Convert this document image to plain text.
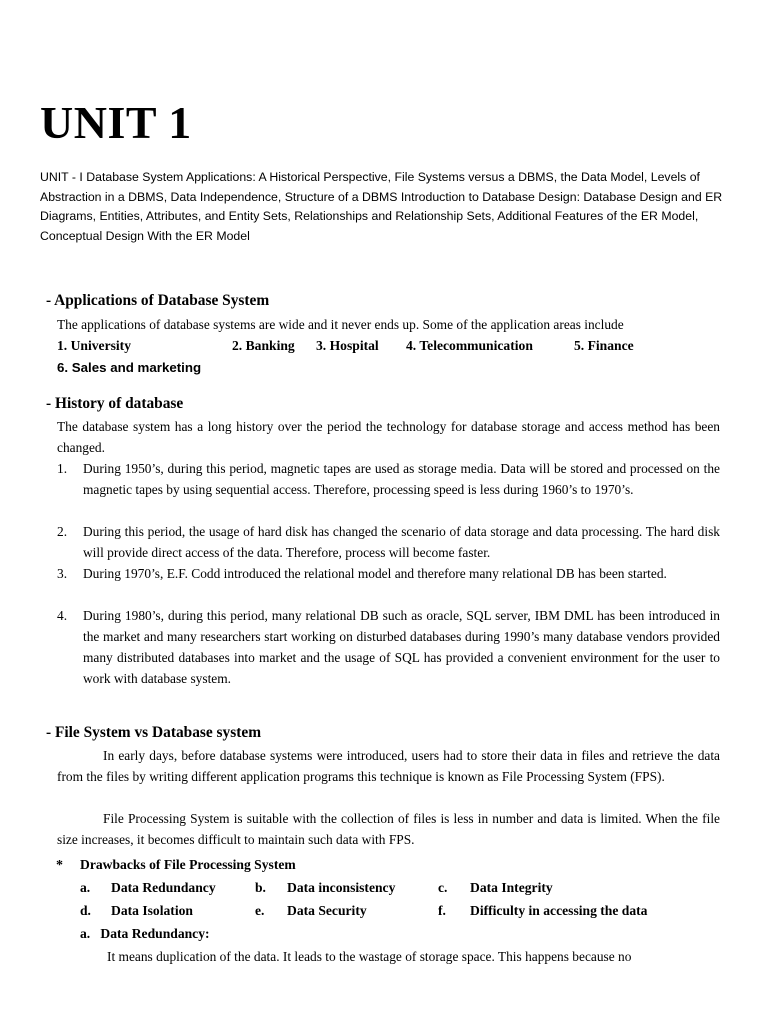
UNIT 1
UNIT - I Database System Applications: A Historical Perspective, File Systems versus a DBMS, the Data Model, Levels of Abstraction in a DBMS, Data Independence, Structure of a DBMS Introduction to Database Design: Database Design and ER Diagrams, Entities, Attributes, and Entity Sets, Relationships and Relationship Sets, Additional Features of the ER Model, Conceptual Design With the ER Model
- Applications of Database System
The applications of database systems are wide and it never ends up. Some of the application areas include
1. University	2. Banking 3. Hospital 4. Telecommunication	5. Finance
6. Sales and marketing
- History of database
The database system has a long history over the period the technology for database storage and access method has been changed.
1. During 1950’s, during this period, magnetic tapes are used as storage media. Data will be stored and processed on the magnetic tapes by using sequential access. Therefore, processing speed is less during 1960’s to 1970’s.
2. During this period, the usage of hard disk has changed the scenario of data storage and data processing. The hard disk will provide direct access of the data. Therefore, process will become faster.
3. During 1970’s, E.F. Codd introduced the relational model and therefore many relational DB has been started.
4. During 1980’s, during this period, many relational DB such as oracle, SQL server, IBM DML has been introduced in the market and many researchers start working on disturbed databases during 1990’s many database vendors provided many distributed databases into market and the usage of SQL has provided a convenient environment for the user to work with database system.
- File System vs Database system
In early days, before database systems were introduced, users had to store their data in files and retrieve the data from the files by writing different application programs this technique is known as File Processing System (FPS).
File Processing System is suitable with the collection of files is less in number and data is limited. When the file size increases, it becomes difficult to maintain such data with FPS.
* Drawbacks of File Processing System
a. Data Redundancy	b. Data inconsistency	c. Data Integrity
d. Data Isolation	e. Data Security	f. Difficulty in accessing the data
a.   Data Redundancy:
It means duplication of the data. It leads to the wastage of storage space. This happens because no
